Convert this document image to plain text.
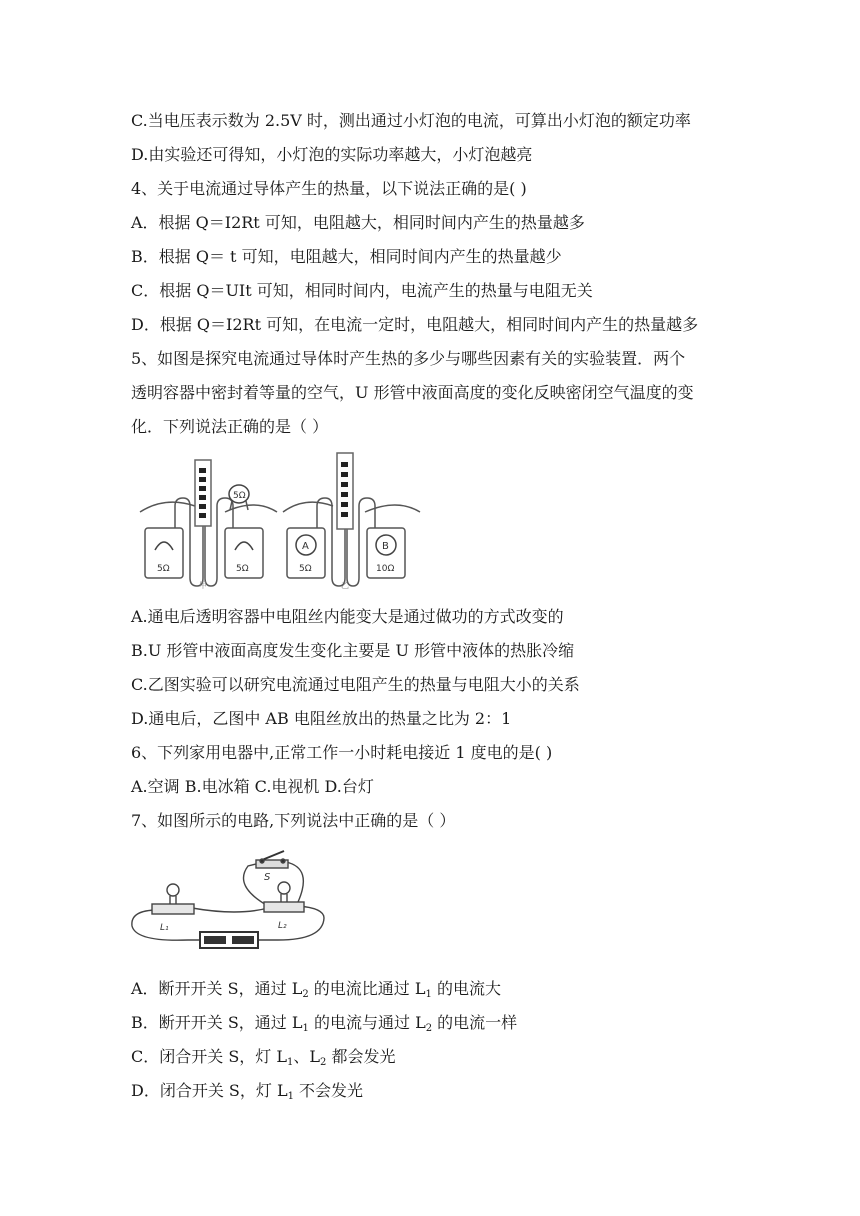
C.当电压表示数为 2.5V 时，测出通过小灯泡的电流，可算出小灯泡的额定功率
D.由实验还可得知，小灯泡的实际功率越大，小灯泡越亮
4、关于电流通过导体产生的热量，以下说法正确的是( )
A．根据 Q＝I2Rt 可知，电阻越大，相同时间内产生的热量越多
B．根据 Q＝ t 可知，电阻越大，相同时间内产生的热量越少
C．根据 Q＝UIt 可知，相同时间内，电流产生的热量与电阻无关
D．根据 Q＝I2Rt 可知，在电流一定时，电阻越大，相同时间内产生的热量越多
5、如图是探究电流通过导体时产生热的多少与哪些因素有关的实验装置．两个
透明容器中密封着等量的空气，U 形管中液面高度的变化反映密闭空气温度的变
化．下列说法正确的是（ ）
5Ω
5Ω	5Ω
甲
A	B
5Ω	10Ω
乙
A.通电后透明容器中电阻丝内能变大是通过做功的方式改变的
B.U 形管中液面高度发生变化主要是 U 形管中液体的热胀冷缩
C.乙图实验可以研究电流通过电阻产生的热量与电阻大小的关系
D.通电后，乙图中 AB 电阻丝放出的热量之比为 2：1
6、下列家用电器中,正常工作一小时耗电接近 1 度电的是( )
A.空调 B.电冰箱 C.电视机 D.台灯
7、如图所示的电路,下列说法中正确的是（ ）
S
L₁	L₂
A．断开开关 S，通过 $L_2$ 的电流比通过 $L_1$ 的电流大
B．断开开关 S，通过 $L_1$ 的电流与通过 $L_2$ 的电流一样
C．闭合开关 S，灯 $L_1$、$L_2$ 都会发光
D．闭合开关 S，灯 $L_1$ 不会发光
